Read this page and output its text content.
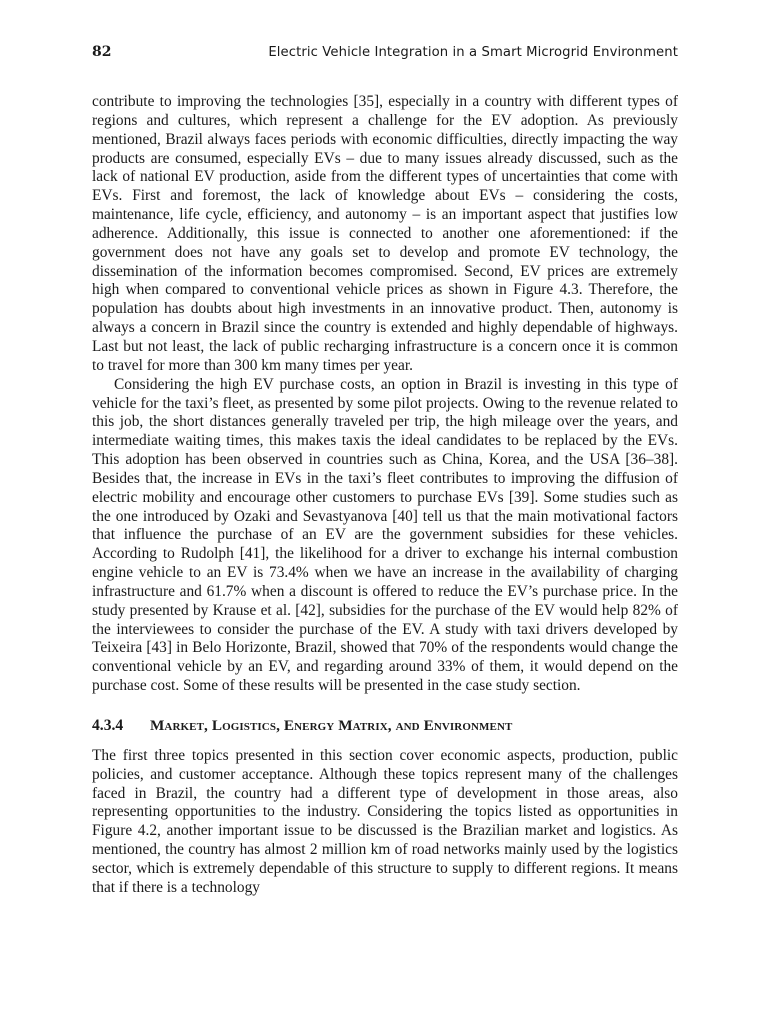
82	Electric Vehicle Integration in a Smart Microgrid Environment

contribute to improving the technologies [35], especially in a country with different types of regions and cultures, which represent a challenge for the EV adoption. As previously mentioned, Brazil always faces periods with economic difficulties, directly impacting the way products are consumed, especially EVs – due to many issues already discussed, such as the lack of national EV production, aside from the different types of uncertainties that come with EVs. First and foremost, the lack of knowledge about EVs – considering the costs, maintenance, life cycle, efficiency, and autonomy – is an important aspect that justifies low adherence. Additionally, this issue is connected to another one aforementioned: if the government does not have any goals set to develop and promote EV technology, the dissemination of the information becomes compromised. Second, EV prices are extremely high when compared to conventional vehicle prices as shown in Figure 4.3. Therefore, the population has doubts about high investments in an innovative product. Then, autonomy is always a concern in Brazil since the country is extended and highly dependable of highways. Last but not least, the lack of public recharging infrastructure is a concern once it is common to travel for more than 300 km many times per year.

Considering the high EV purchase costs, an option in Brazil is investing in this type of vehicle for the taxi’s fleet, as presented by some pilot projects. Owing to the revenue related to this job, the short distances generally traveled per trip, the high mileage over the years, and intermediate waiting times, this makes taxis the ideal candidates to be replaced by the EVs. This adoption has been observed in countries such as China, Korea, and the USA [36–38]. Besides that, the increase in EVs in the taxi’s fleet contributes to improving the diffusion of electric mobility and encourage other customers to purchase EVs [39]. Some studies such as the one introduced by Ozaki and Sevastyanova [40] tell us that the main motivational factors that influence the purchase of an EV are the government subsidies for these vehicles. According to Rudolph [41], the likelihood for a driver to exchange his internal combustion engine vehicle to an EV is 73.4% when we have an increase in the availability of charging infrastructure and 61.7% when a discount is offered to reduce the EV’s purchase price. In the study presented by Krause et al. [42], subsidies for the purchase of the EV would help 82% of the interviewees to consider the purchase of the EV. A study with taxi drivers developed by Teixeira [43] in Belo Horizonte, Brazil, showed that 70% of the respondents would change the conventional vehicle by an EV, and regarding around 33% of them, it would depend on the purchase cost. Some of these results will be presented in the case study section.

4.3.4	Market, Logistics, Energy Matrix, and Environment

The first three topics presented in this section cover economic aspects, production, public policies, and customer acceptance. Although these topics represent many of the challenges faced in Brazil, the country had a different type of development in those areas, also representing opportunities to the industry. Considering the topics listed as opportunities in Figure 4.2, another important issue to be discussed is the Brazilian market and logistics. As mentioned, the country has almost 2 million km of road networks mainly used by the logistics sector, which is extremely dependable of this structure to supply to different regions. It means that if there is a technology
